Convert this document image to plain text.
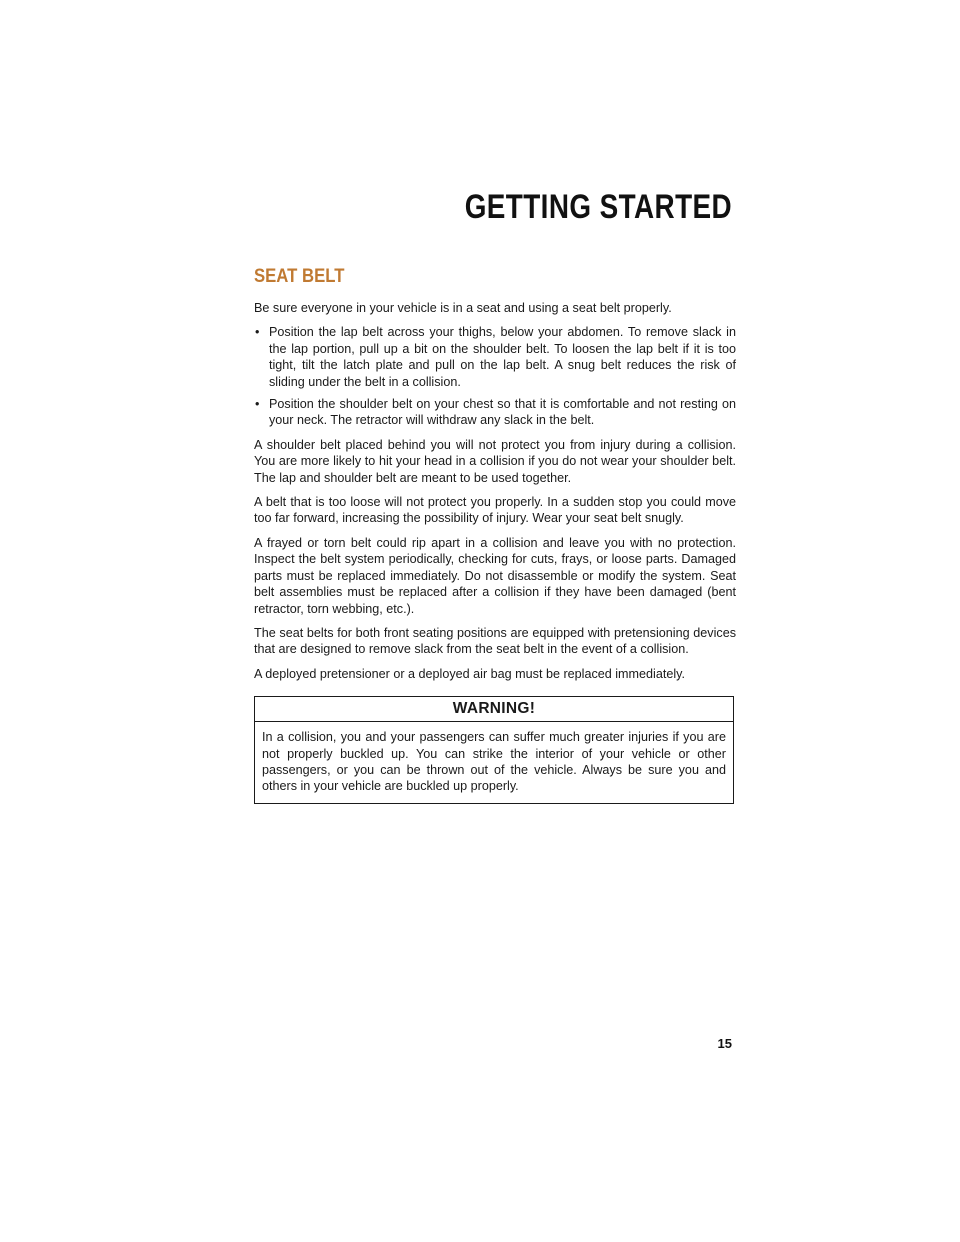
GETTING STARTED
SEAT BELT

Be sure everyone in your vehicle is in a seat and using a seat belt properly.

• Position the lap belt across your thighs, below your abdomen. To remove slack in the lap portion, pull up a bit on the shoulder belt. To loosen the lap belt if it is too tight, tilt the latch plate and pull on the lap belt. A snug belt reduces the risk of sliding under the belt in a collision.
• Position the shoulder belt on your chest so that it is comfortable and not resting on your neck. The retractor will withdraw any slack in the belt.

A shoulder belt placed behind you will not protect you from injury during a collision. You are more likely to hit your head in a collision if you do not wear your shoulder belt. The lap and shoulder belt are meant to be used together.

A belt that is too loose will not protect you properly. In a sudden stop you could move too far forward, increasing the possibility of injury. Wear your seat belt snugly.

A frayed or torn belt could rip apart in a collision and leave you with no protection. Inspect the belt system periodically, checking for cuts, frays, or loose parts. Damaged parts must be replaced immediately. Do not disassemble or modify the system. Seat belt assemblies must be replaced after a collision if they have been damaged (bent retractor, torn webbing, etc.).

The seat belts for both front seating positions are equipped with pretensioning devices that are designed to remove slack from the seat belt in the event of a collision.

A deployed pretensioner or a deployed air bag must be replaced immediately.

WARNING!
In a collision, you and your passengers can suffer much greater injuries if you are not properly buckled up. You can strike the interior of your vehicle or other passengers, or you can be thrown out of the vehicle. Always be sure you and others in your vehicle are buckled up properly.
15
